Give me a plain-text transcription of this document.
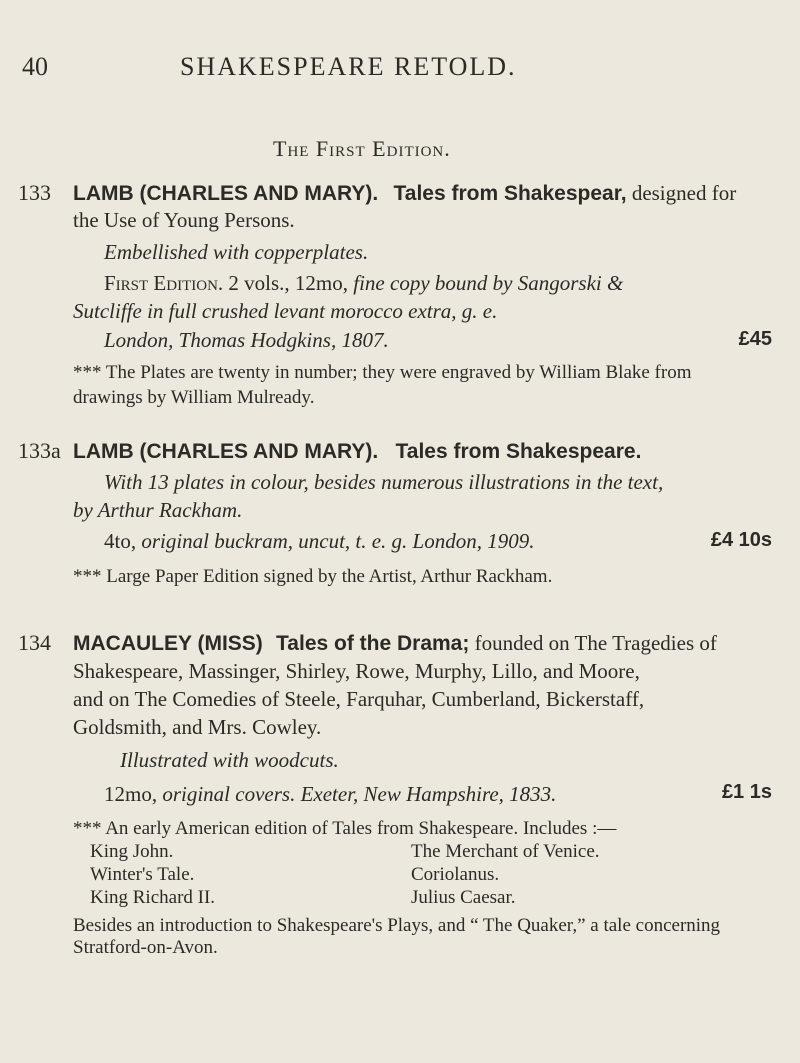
40	SHAKESPEARE RETOLD.
The First Edition.
133 LAMB (CHARLES AND MARY). Tales from Shakespear, designed for
the Use of Young Persons.
Embellished with copperplates.
First Edition. 2 vols., 12mo, fine copy bound by Sangorski &
Sutcliffe in full crushed levant morocco extra, g. e.
London, Thomas Hodgkins, 1807.	£45
*** The Plates are twenty in number; they were engraved by William Blake from
drawings by William Mulready.
133a LAMB (CHARLES AND MARY). Tales from Shakespeare.
With 13 plates in colour, besides numerous illustrations in the text,
by Arthur Rackham.
4to, original buckram, uncut, t. e. g. London, 1909.	£4 10s
*** Large Paper Edition signed by the Artist, Arthur Rackham.
134 MACAULEY (MISS) Tales of the Drama; founded on The Tragedies of
Shakespeare, Massinger, Shirley, Rowe, Murphy, Lillo, and Moore,
and on The Comedies of Steele, Farquhar, Cumberland, Bickerstaff,
Goldsmith, and Mrs. Cowley.
Illustrated with woodcuts.
12mo, original covers. Exeter, New Hampshire, 1833.	£1 1s
*** An early American edition of Tales from Shakespeare. Includes :—
King John.	The Merchant of Venice.
Winter's Tale.	Coriolanus.
King Richard II.	Julius Caesar.
Besides an introduction to Shakespeare's Plays, and “ The Quaker,” a tale concerning
Stratford-on-Avon.
